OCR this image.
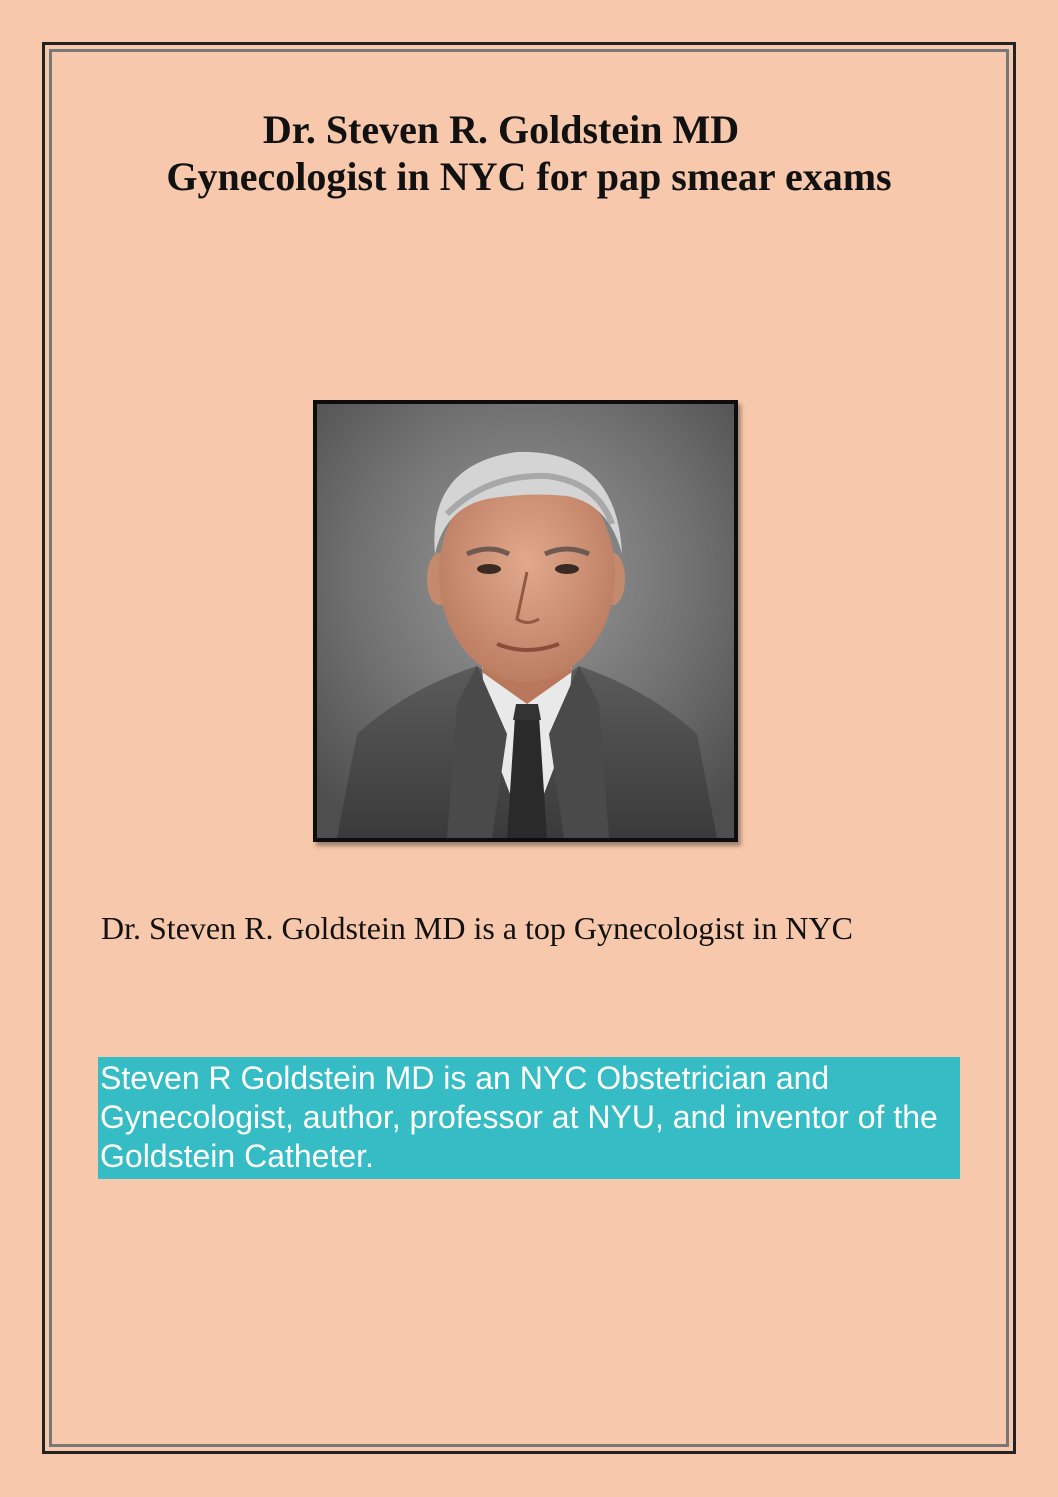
Dr. Steven R. Goldstein MD
Gynecologist in NYC for pap smear exams
Dr. Steven R. Goldstein MD is a top Gynecologist in NYC
Steven R Goldstein MD is an NYC Obstetrician and Gynecologist, author, professor at NYU, and inventor of the Goldstein Catheter.
